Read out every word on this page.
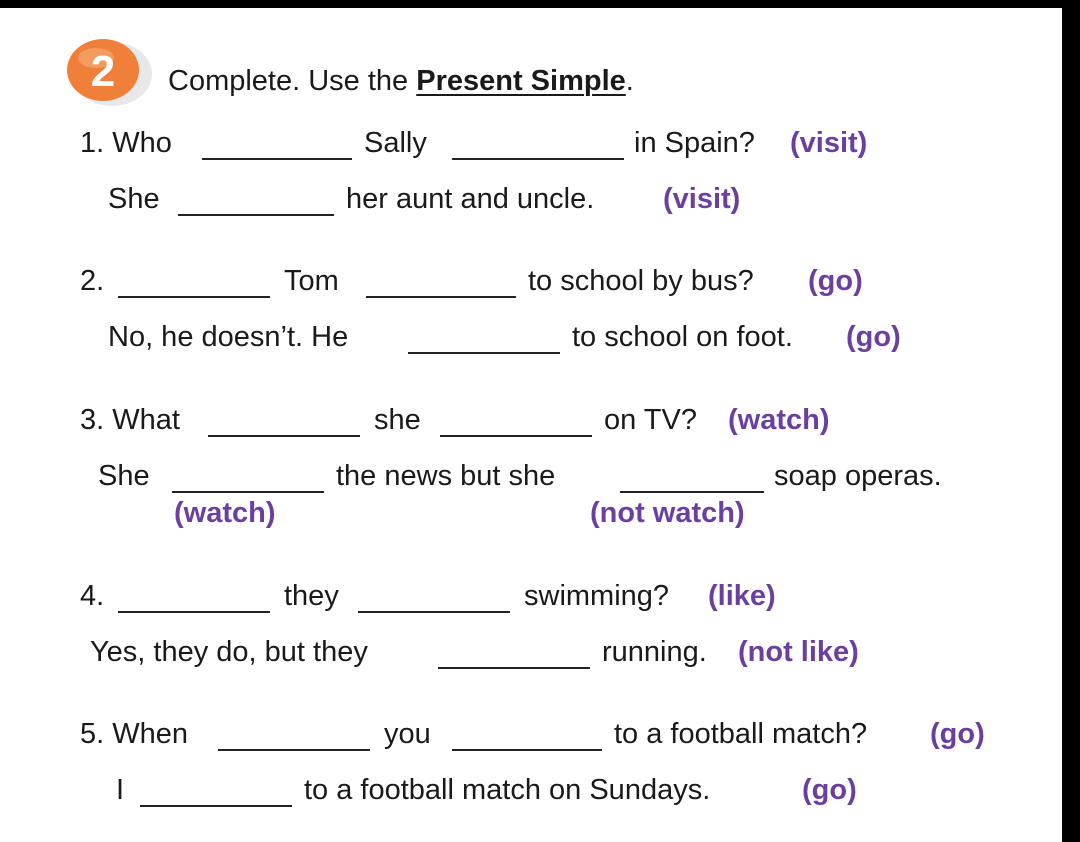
2 Complete. Use the Present Simple.
1. Who	Sally	in Spain? (visit)
She	her aunt and uncle. (visit)
2.	Tom	to school by bus? (go)
No, he doesn’t. He	to school on foot. (go)
3. What	she	on TV? (watch)
She	the news but she	soap operas.
(watch)	(not watch)
4.	they	swimming? (like)
Yes, they do, but they	running. (not like)
5. When	you	to a football match? (go)
I	to a football match on Sundays.	(go)
